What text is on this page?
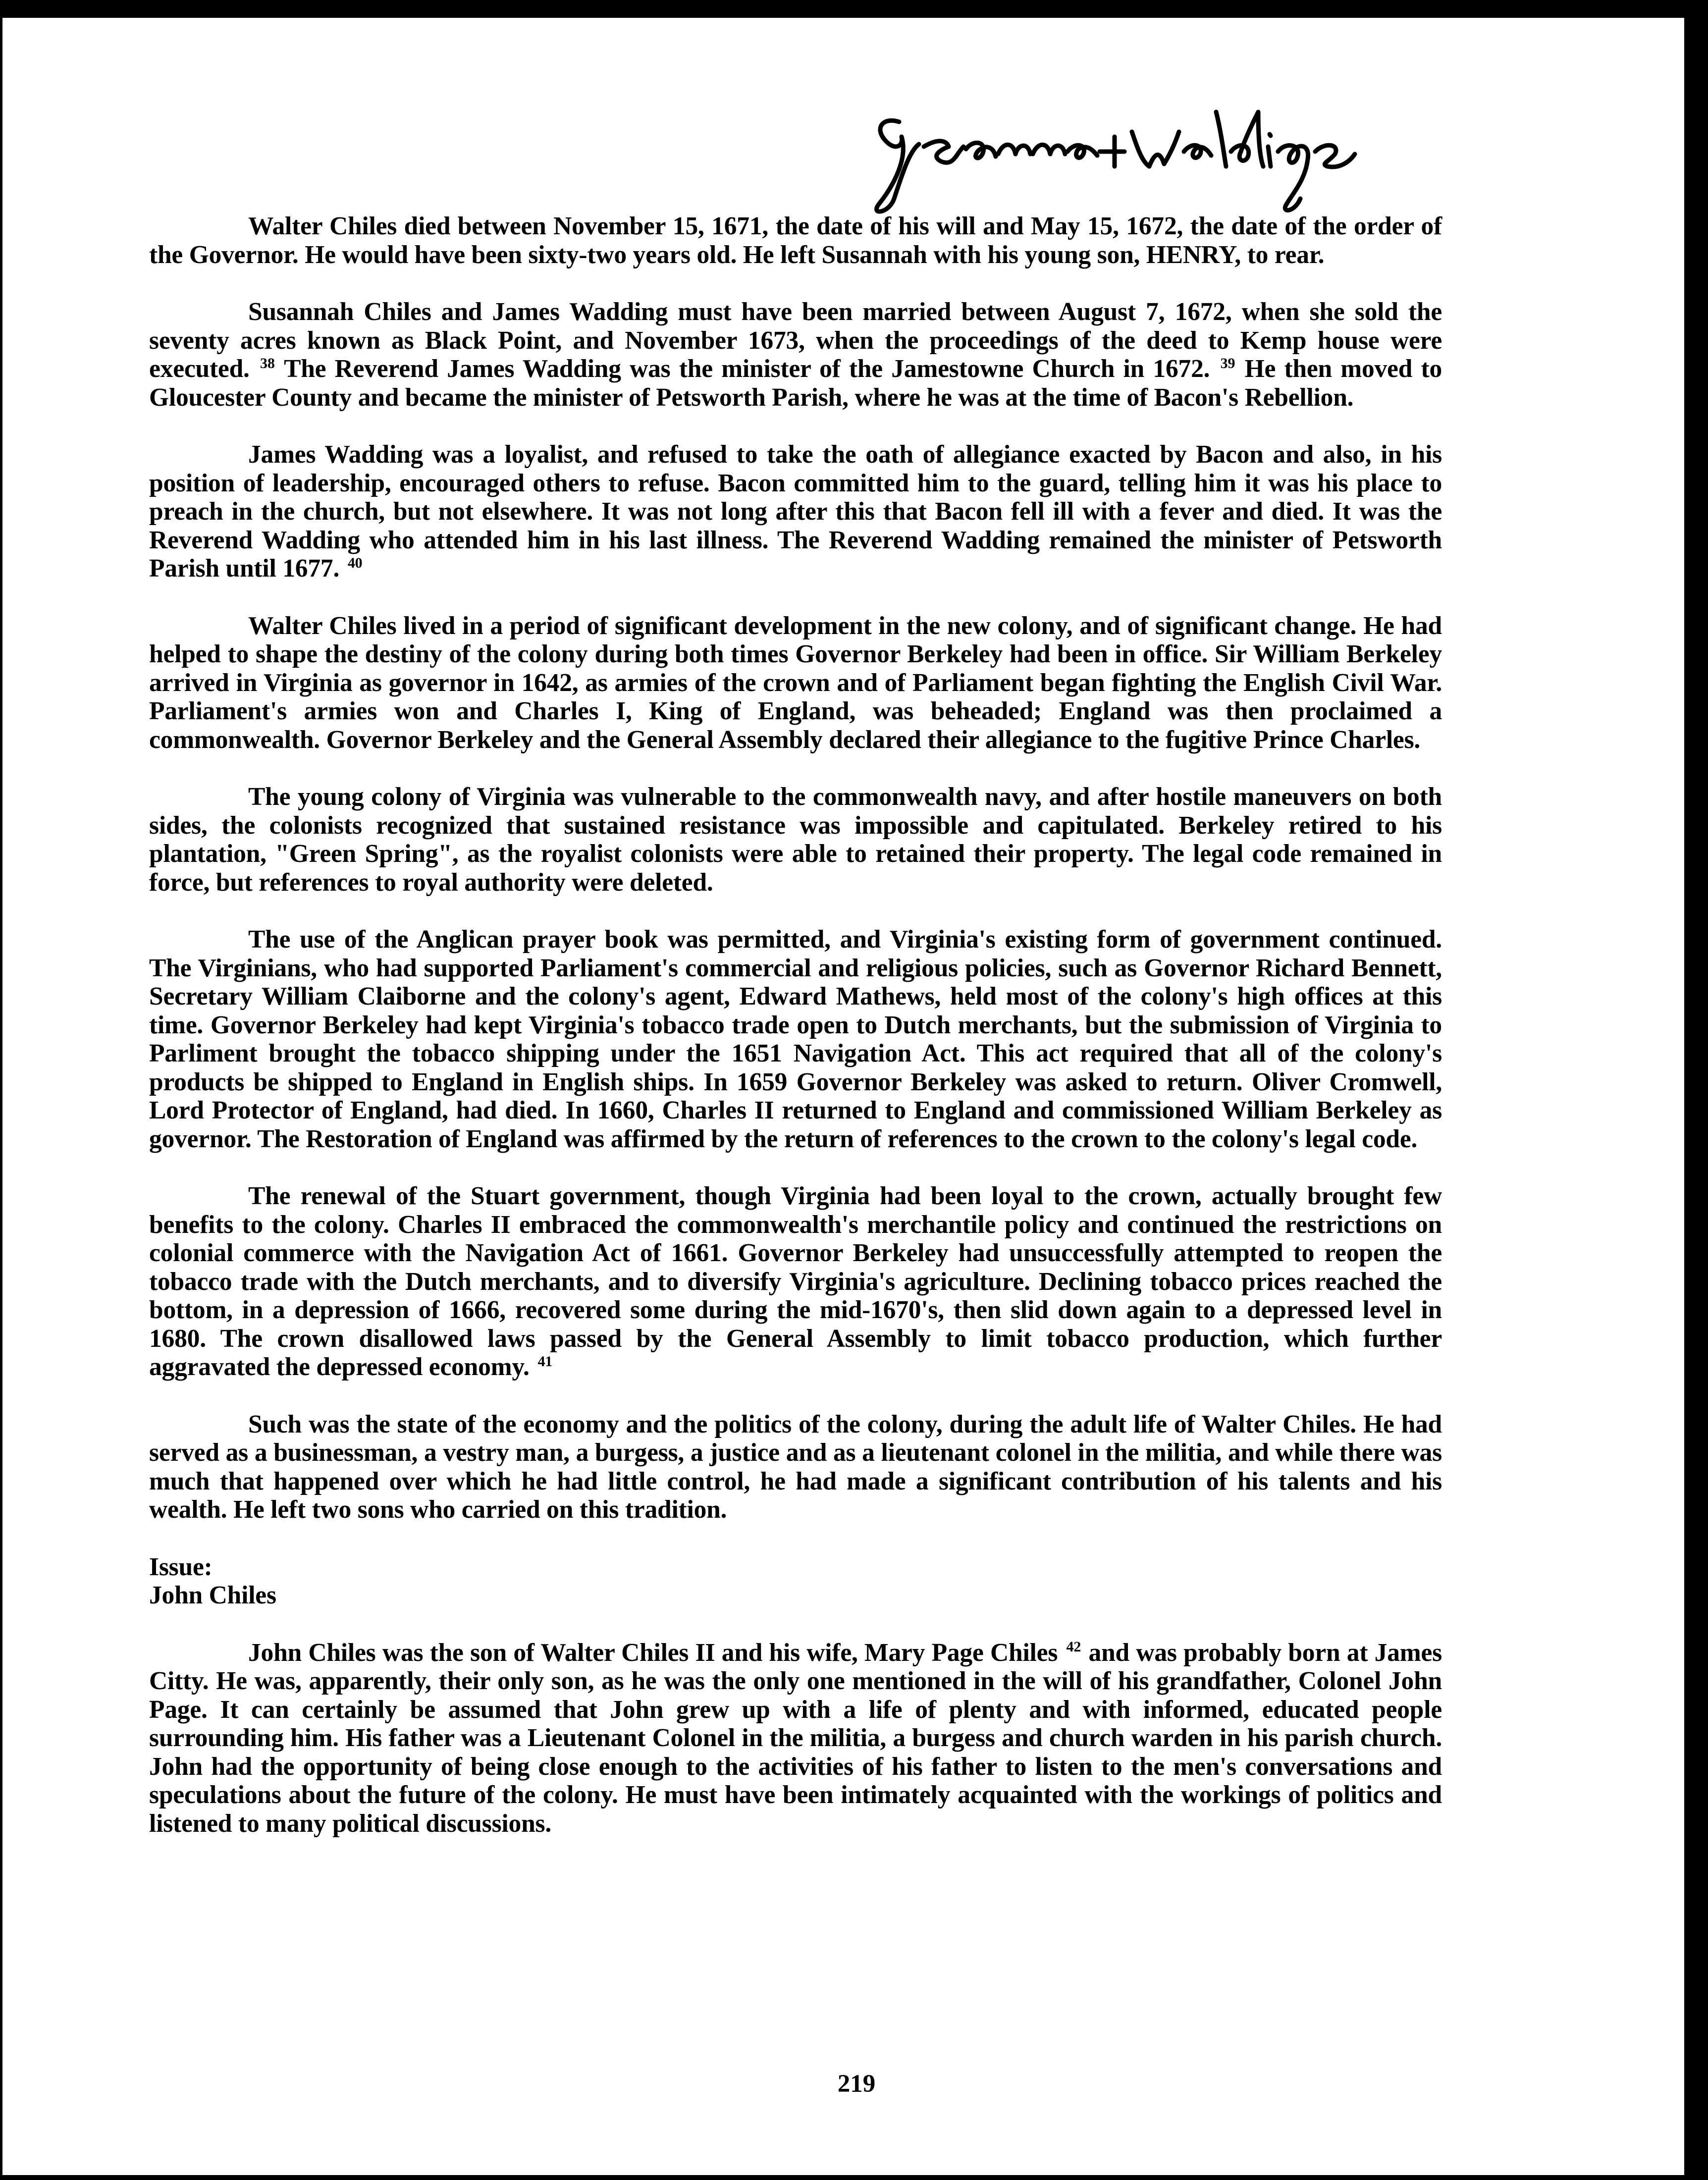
Walter Chiles died between November 15, 1671, the date of his will and May 15, 1672, the date of the order of the Governor. He would have been sixty-two years old. He left Susannah with his young son, HENRY, to rear.

Susannah Chiles and James Wadding must have been married between August 7, 1672, when she sold the seventy acres known as Black Point, and November 1673, when the proceedings of the deed to Kemp house were executed. $^{38}$ The Reverend James Wadding was the minister of the Jamestowne Church in 1672. $^{39}$ He then moved to Gloucester County and became the minister of Petsworth Parish, where he was at the time of Bacon's Rebellion.

James Wadding was a loyalist, and refused to take the oath of allegiance exacted by Bacon and also, in his position of leadership, encouraged others to refuse. Bacon committed him to the guard, telling him it was his place to preach in the church, but not elsewhere. It was not long after this that Bacon fell ill with a fever and died. It was the Reverend Wadding who attended him in his last illness. The Reverend Wadding remained the minister of Petsworth Parish until 1677. $^{40}$

Walter Chiles lived in a period of significant development in the new colony, and of significant change. He had helped to shape the destiny of the colony during both times Governor Berkeley had been in office. Sir William Berkeley arrived in Virginia as governor in 1642, as armies of the crown and of Parliament began fighting the English Civil War. Parliament's armies won and Charles I, King of England, was beheaded; England was then proclaimed a commonwealth. Governor Berkeley and the General Assembly declared their allegiance to the fugitive Prince Charles.

The young colony of Virginia was vulnerable to the commonwealth navy, and after hostile maneuvers on both sides, the colonists recognized that sustained resistance was impossible and capitulated. Berkeley retired to his plantation, "Green Spring", as the royalist colonists were able to retained their property. The legal code remained in force, but references to royal authority were deleted.

The use of the Anglican prayer book was permitted, and Virginia's existing form of government continued. The Virginians, who had supported Parliament's commercial and religious policies, such as Governor Richard Bennett, Secretary William Claiborne and the colony's agent, Edward Mathews, held most of the colony's high offices at this time. Governor Berkeley had kept Virginia's tobacco trade open to Dutch merchants, but the submission of Virginia to Parliment brought the tobacco shipping under the 1651 Navigation Act. This act required that all of the colony's products be shipped to England in English ships. In 1659 Governor Berkeley was asked to return. Oliver Cromwell, Lord Protector of England, had died. In 1660, Charles II returned to England and commissioned William Berkeley as governor. The Restoration of England was affirmed by the return of references to the crown to the colony's legal code.

The renewal of the Stuart government, though Virginia had been loyal to the crown, actually brought few benefits to the colony. Charles II embraced the commonwealth's merchantile policy and continued the restrictions on colonial commerce with the Navigation Act of 1661. Governor Berkeley had unsuccessfully attempted to reopen the tobacco trade with the Dutch merchants, and to diversify Virginia's agriculture. Declining tobacco prices reached the bottom, in a depression of 1666, recovered some during the mid-1670's, then slid down again to a depressed level in 1680. The crown disallowed laws passed by the General Assembly to limit tobacco production, which further aggravated the depressed economy. $^{41}$

Such was the state of the economy and the politics of the colony, during the adult life of Walter Chiles. He had served as a businessman, a vestry man, a burgess, a justice and as a lieutenant colonel in the militia, and while there was much that happened over which he had little control, he had made a significant contribution of his talents and his wealth. He left two sons who carried on this tradition.

Issue:
John Chiles

John Chiles was the son of Walter Chiles II and his wife, Mary Page Chiles $^{42}$ and was probably born at James Citty. He was, apparently, their only son, as he was the only one mentioned in the will of his grandfather, Colonel John Page. It can certainly be assumed that John grew up with a life of plenty and with informed, educated people surrounding him. His father was a Lieutenant Colonel in the militia, a burgess and church warden in his parish church. John had the opportunity of being close enough to the activities of his father to listen to the men's conversations and speculations about the future of the colony. He must have been intimately acquainted with the workings of politics and listened to many political discussions.

219
